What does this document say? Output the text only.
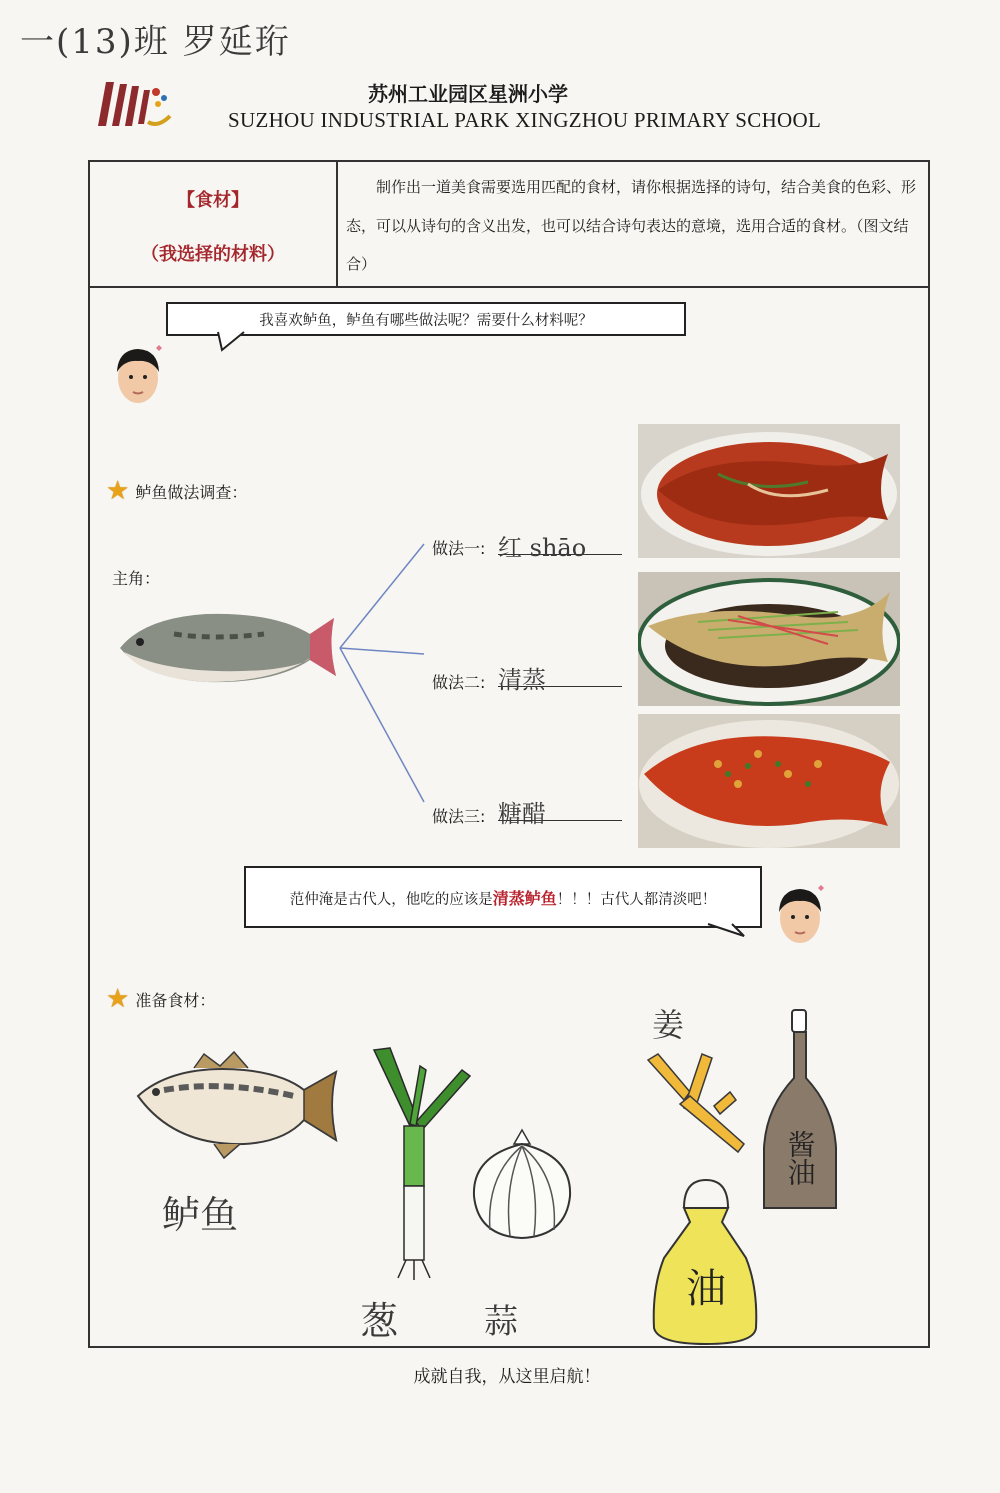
一(13)班 罗延珩
苏州工业园区星洲小学
SUZHOU INDUSTRIAL PARK XINGZHOU PRIMARY SCHOOL
【食材】
（我选择的材料）
制作出一道美食需要选用匹配的食材，请你根据选择的诗句，结合美食的色彩、形态，可以从诗句的含义出发，也可以结合诗句表达的意境，选用合适的食材。（图文结合）
我喜欢鲈鱼，鲈鱼有哪些做法呢？需要什么材料呢？
★ 鲈鱼做法调查：
主角：
做法一: 红 shāo
做法二: 清蒸
做法三: 糖醋
范仲淹是古代人，他吃的应该是清蒸鲈鱼！！！古代人都清淡吧！
★ 准备食材：
鲈鱼
葱	蒜
姜
酱油
油
成就自我，从这里启航！
